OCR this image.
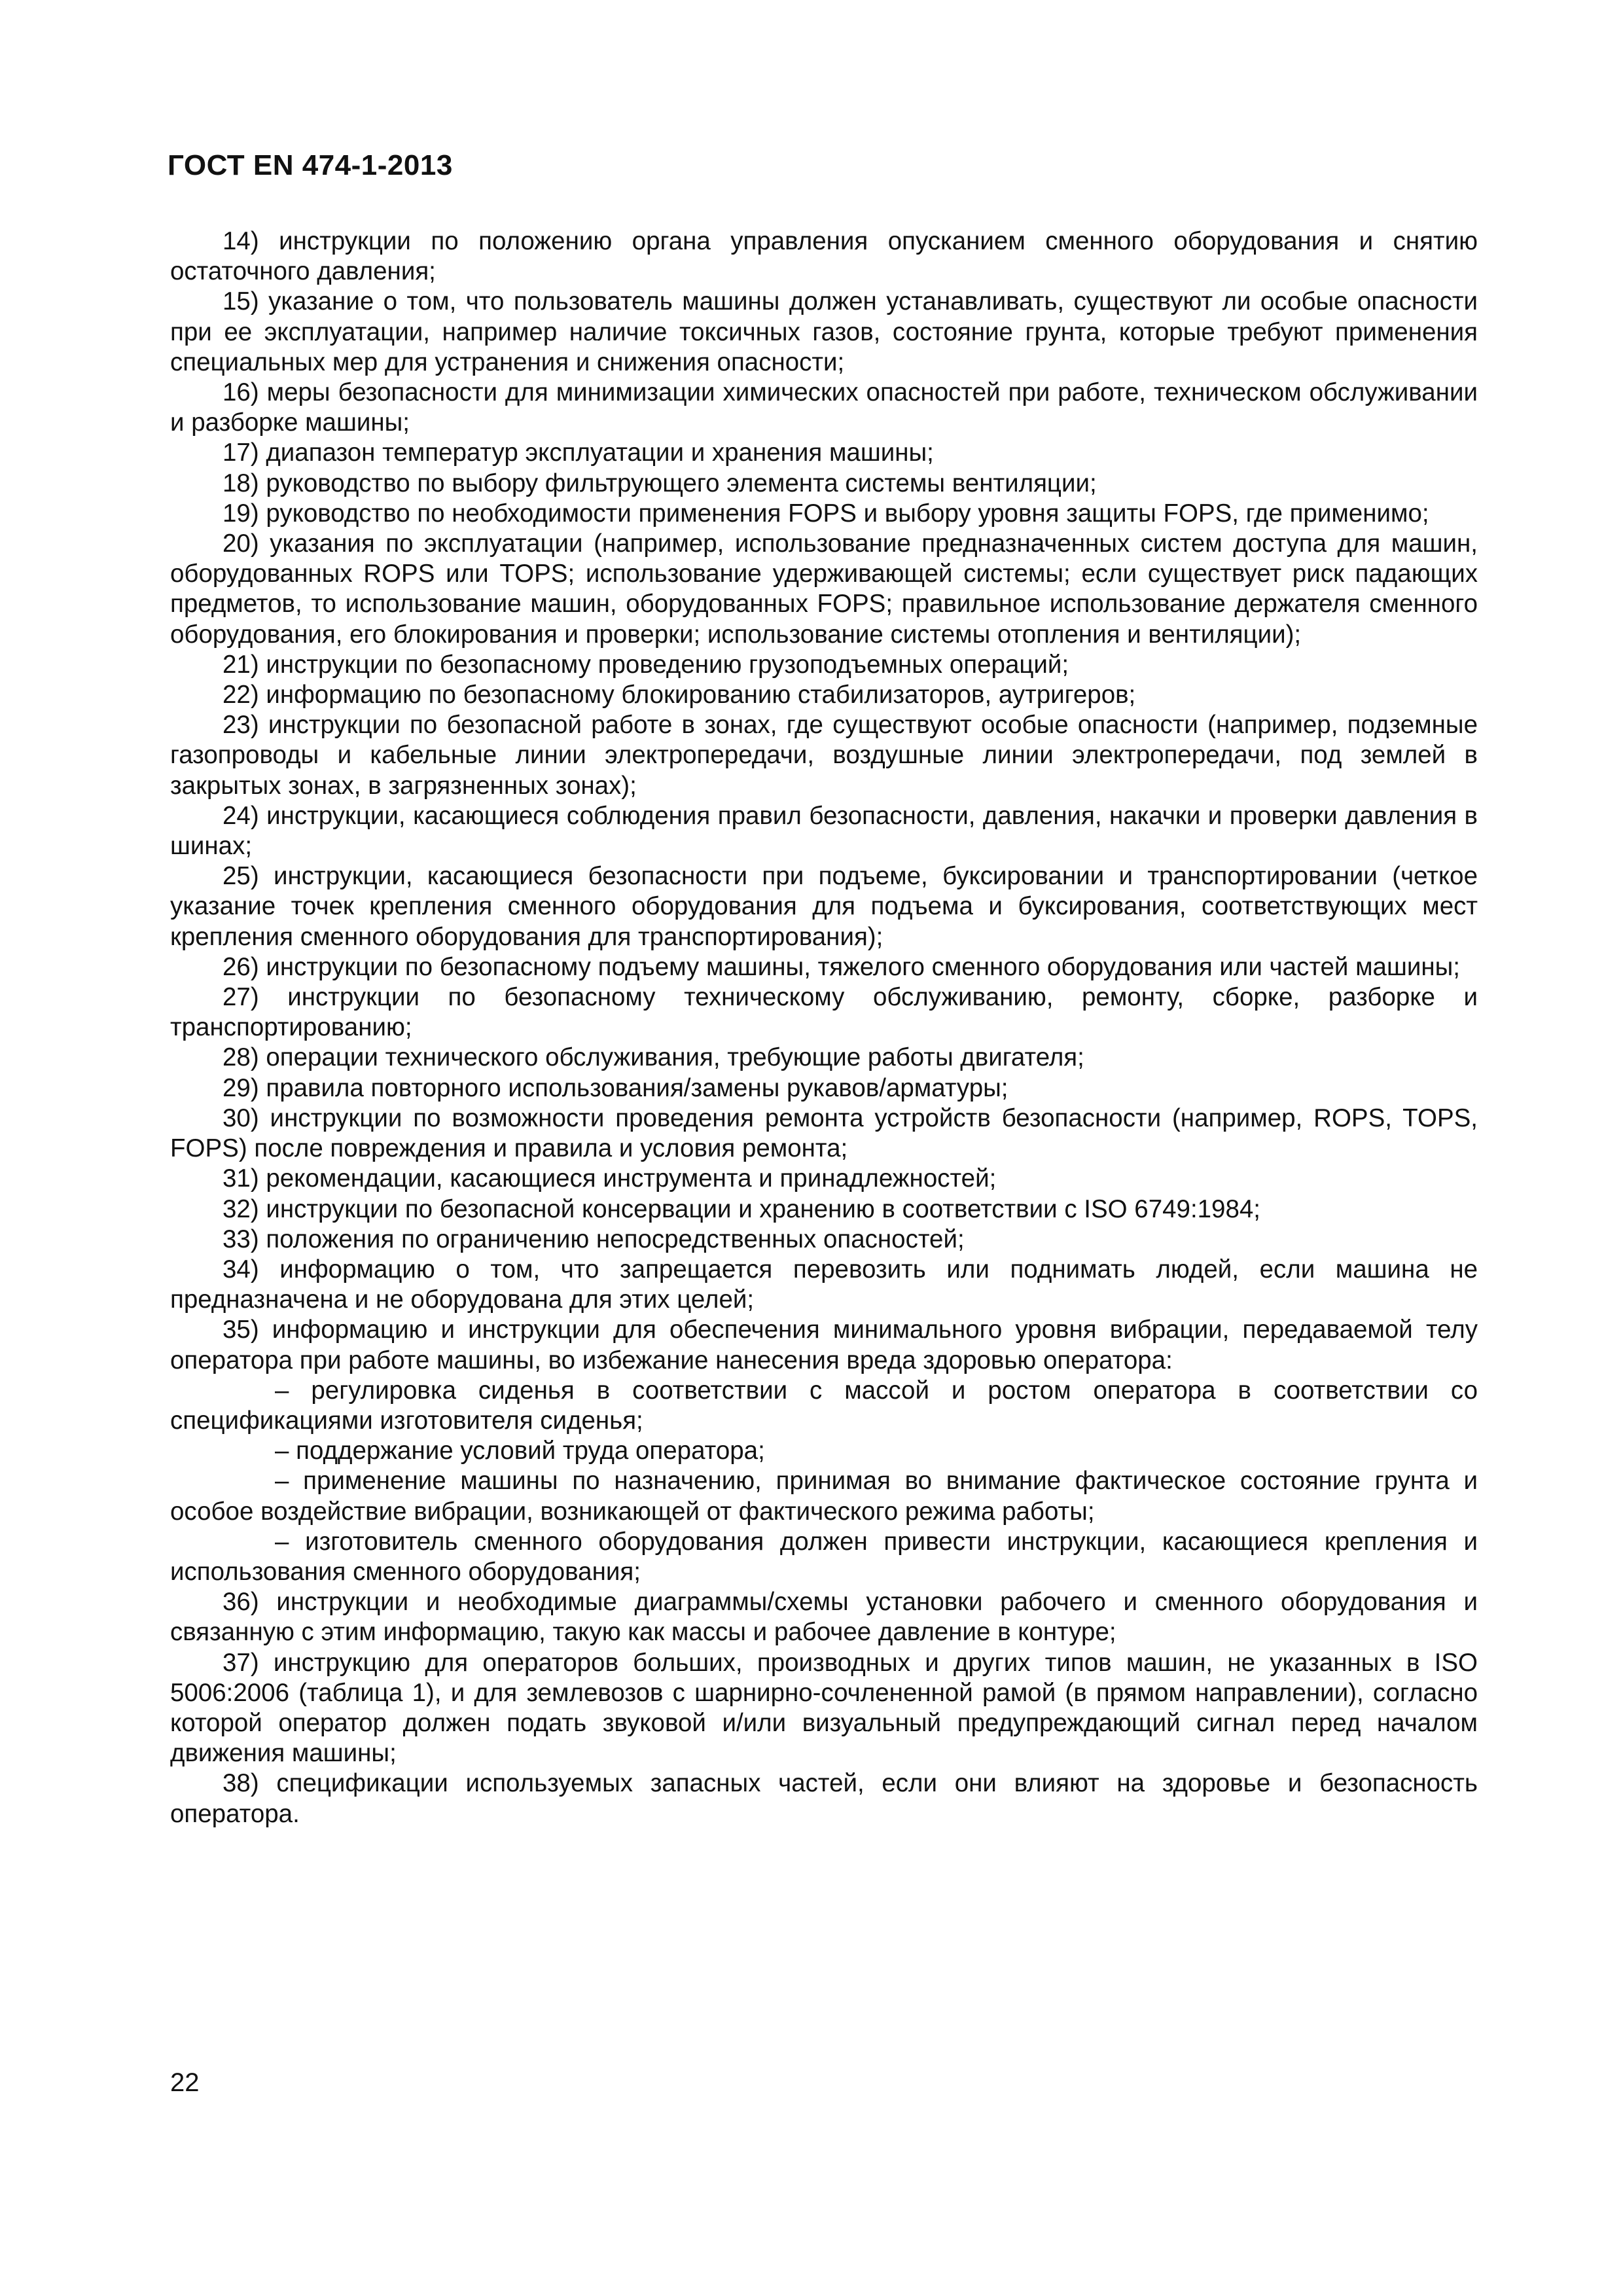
ГОСТ EN 474-1-2013

14) инструкции по положению органа управления опусканием сменного оборудования и снятию остаточного давления;

15) указание о том, что пользователь машины должен устанавливать, существуют ли особые опасности при ее эксплуатации, например наличие токсичных газов, состояние грунта, которые требуют применения специальных мер для устранения и снижения опасности;

16) меры безопасности для минимизации химических опасностей при работе, техническом обслуживании и разборке машины;

17) диапазон температур эксплуатации и хранения машины;

18) руководство по выбору фильтрующего элемента системы вентиляции;

19) руководство по необходимости применения FOPS и выбору уровня защиты FOPS, где применимо;

20) указания по эксплуатации (например, использование предназначенных систем доступа для машин, оборудованных ROPS или TOPS; использование удерживающей системы; если существует риск падающих предметов, то использование машин, оборудованных FOPS; правильное использование держателя сменного оборудования, его блокирования и проверки; использование системы отопления и вентиляции);

21) инструкции по безопасному проведению грузоподъемных операций;

22) информацию по безопасному блокированию стабилизаторов, аутригеров;

23) инструкции по безопасной работе в зонах, где существуют особые опасности (например, подземные газопроводы и кабельные линии электропередачи, воздушные линии электропередачи, под землей в закрытых зонах, в загрязненных зонах);

24) инструкции, касающиеся соблюдения правил безопасности, давления, накачки и проверки давления в шинах;

25) инструкции, касающиеся безопасности при подъеме, буксировании и транспортировании (четкое указание точек крепления сменного оборудования для подъема и буксирования, соответствующих мест крепления сменного оборудования для транспортирования);

26) инструкции по безопасному подъему машины, тяжелого сменного оборудования или частей машины;

27) инструкции по безопасному техническому обслуживанию, ремонту, сборке, разборке и транспортированию;

28) операции технического обслуживания, требующие работы двигателя;

29) правила повторного использования/замены рукавов/арматуры;

30) инструкции по возможности проведения ремонта устройств безопасности (например, ROPS, TOPS, FOPS) после повреждения и правила и условия ремонта;

31) рекомендации, касающиеся инструмента и принадлежностей;

32) инструкции по безопасной консервации и хранению в соответствии с ISO 6749:1984;

33) положения по ограничению непосредственных опасностей;

34) информацию о том, что запрещается перевозить или поднимать людей, если машина не предназначена и не оборудована для этих целей;

35) информацию и инструкции для обеспечения минимального уровня вибрации, передаваемой телу оператора при работе машины, во избежание нанесения вреда здоровью оператора:

– регулировка сиденья в соответствии с массой и ростом оператора в соответствии со спецификациями изготовителя сиденья;

– поддержание условий труда оператора;

– применение машины по назначению, принимая во внимание фактическое состояние грунта и особое воздействие вибрации, возникающей от фактического режима работы;

– изготовитель сменного оборудования должен привести инструкции, касающиеся крепления и использования сменного оборудования;

36) инструкции и необходимые диаграммы/схемы установки рабочего и сменного оборудования и связанную с этим информацию, такую как массы и рабочее давление в контуре;

37) инструкцию для операторов больших, производных и других типов машин, не указанных в ISO 5006:2006 (таблица 1), и для землевозов с шарнирно-сочлененной рамой (в прямом направлении), согласно которой оператор должен подать звуковой и/или визуальный предупреждающий сигнал перед началом движения машины;

38) спецификации используемых запасных частей, если они влияют на здоровье и безопасность оператора.

22
